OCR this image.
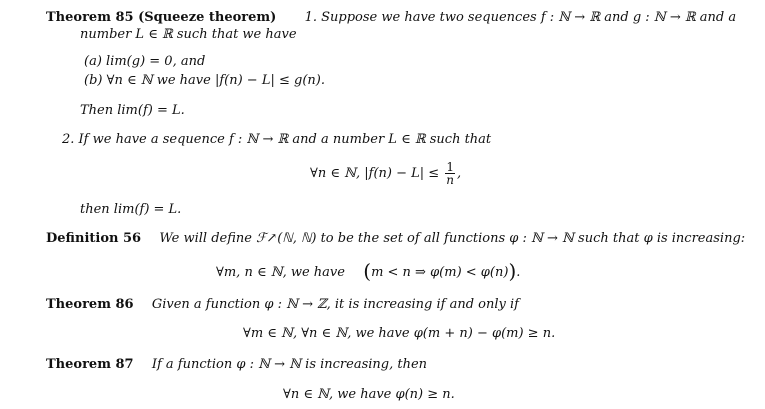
Theorem 85 (Squeeze theorem) 1. Suppose we have two sequences f : ℕ → ℝ and g : ℕ → ℝ and a
number L ∈ ℝ such that we have
(a) lim(g) = 0, and
(b) ∀n ∈ ℕ we have |f(n) − L| ≤ g(n).
Then lim(f) = L.
2. If we have a sequence f : ℕ → ℝ and a number L ∈ ℝ such that
∀n ∈ ℕ, $|f(n) - L| \le \frac{1}{n}$ ,
then lim(f) = L.
Definition 56 We will define ℱ↗(ℕ, ℕ) to be the set of all functions φ : ℕ → ℕ such that φ is increasing:
∀m, n ∈ ℕ, we have (m < n ⇒ φ(m) < φ(n)).
Theorem 86 Given a function φ : ℕ → ℤ, it is increasing if and only if
∀m ∈ ℕ, ∀n ∈ ℕ, we have φ(m + n) − φ(m) ≥ n.
Theorem 87 If a function φ : ℕ → ℕ is increasing, then
∀n ∈ ℕ, we have φ(n) ≥ n.
